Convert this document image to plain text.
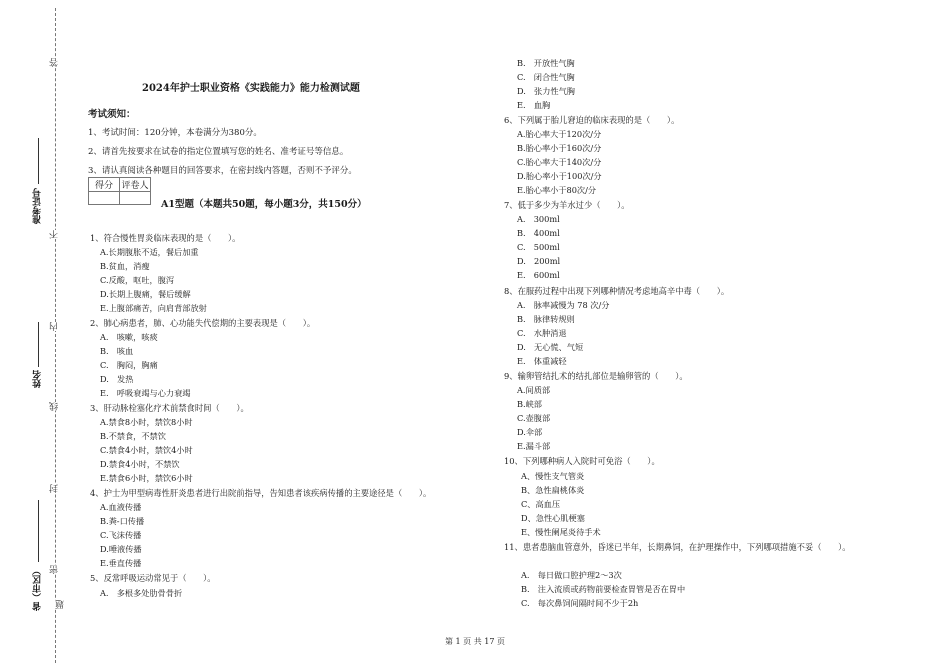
答
不
内
线
封
密
准考证号
姓名
省（市区） 题
2024年护士职业资格《实践能力》能力检测试题
考试须知：
1、考试时间：120分钟，本卷满分为380分。
2、请首先按要求在试卷的指定位置填写您的姓名、准考证号等信息。
3、请认真阅读各种题目的回答要求，在密封线内答题，否则不予评分。
得分	评卷人

A1型题（本题共50题，每小题3分，共150分）
1、符合慢性胃炎临床表现的是（　　）。
A.长期腹胀不适，餐后加重
B.贫血，消瘦
C.反酸，呕吐，腹泻
D.长期上腹痛，餐后缓解
E.上腹部痛苦，向肩背部放射
2、肺心病患者，肺、心功能失代偿期的主要表现是（　　）。
A.　咳嗽，咳痰
B.　咳血
C.　胸闷，胸痛
D.　发热
E.　呼吸衰竭与心力衰竭
3、肝动脉栓塞化疗术前禁食时间（　　）。
A.禁食8小时，禁饮8小时
B.不禁食，不禁饮
C.禁食4小时，禁饮4小时
D.禁食4小时，不禁饮
E.禁食6小时，禁饮6小时
4、护士为甲型病毒性肝炎患者进行出院前指导，告知患者该疾病传播的主要途径是（　　）。
A.血液传播
B.粪-口传播
C.飞沫传播
D.唾液传播
E.垂直传播
5、反常呼吸运动常见于（　　）。
A.　多根多处肋骨骨折
B.　开放性气胸
C.　闭合性气胸
D.　张力性气胸
E.　血胸
6、下列属于胎儿窘迫的临床表现的是（　　）。
A.胎心率大于120次/分
B.胎心率小于160次/分
C.胎心率大于140次/分
D.胎心率小于100次/分
E.胎心率小于80次/分
7、低于多少为羊水过少（　　）。
A.　300ml
B.　400ml
C.　500ml
D.　200ml
E.　600ml
8、在服药过程中出现下列哪种情况考虑地高辛中毒（　　）。
A.　脉率减慢为 78 次/分
B.　脉律转规则
C.　水肿消退
D.　无心慌、气短
E.　体重减轻
9、输卵管结扎术的结扎部位是输卵管的（　　）。
A.间质部
B.峡部
C.壶腹部
D.伞部
E.漏斗部
10、下列哪种病人入院时可免浴（　　）。
A、慢性支气管炎
B、急性扁桃体炎
C、高血压
D、急性心肌梗塞
E、慢性阑尾炎待手术
11、患者患脑血管意外，昏迷已半年，长期鼻饲，在护理操作中，下列哪项措施不妥（　　）。
A.　每日做口腔护理2～3次
B.　注入流质或药物前要检查胃管是否在胃中
C.　每次鼻饲间隔时间不少于2h
第 1 页 共 17 页
